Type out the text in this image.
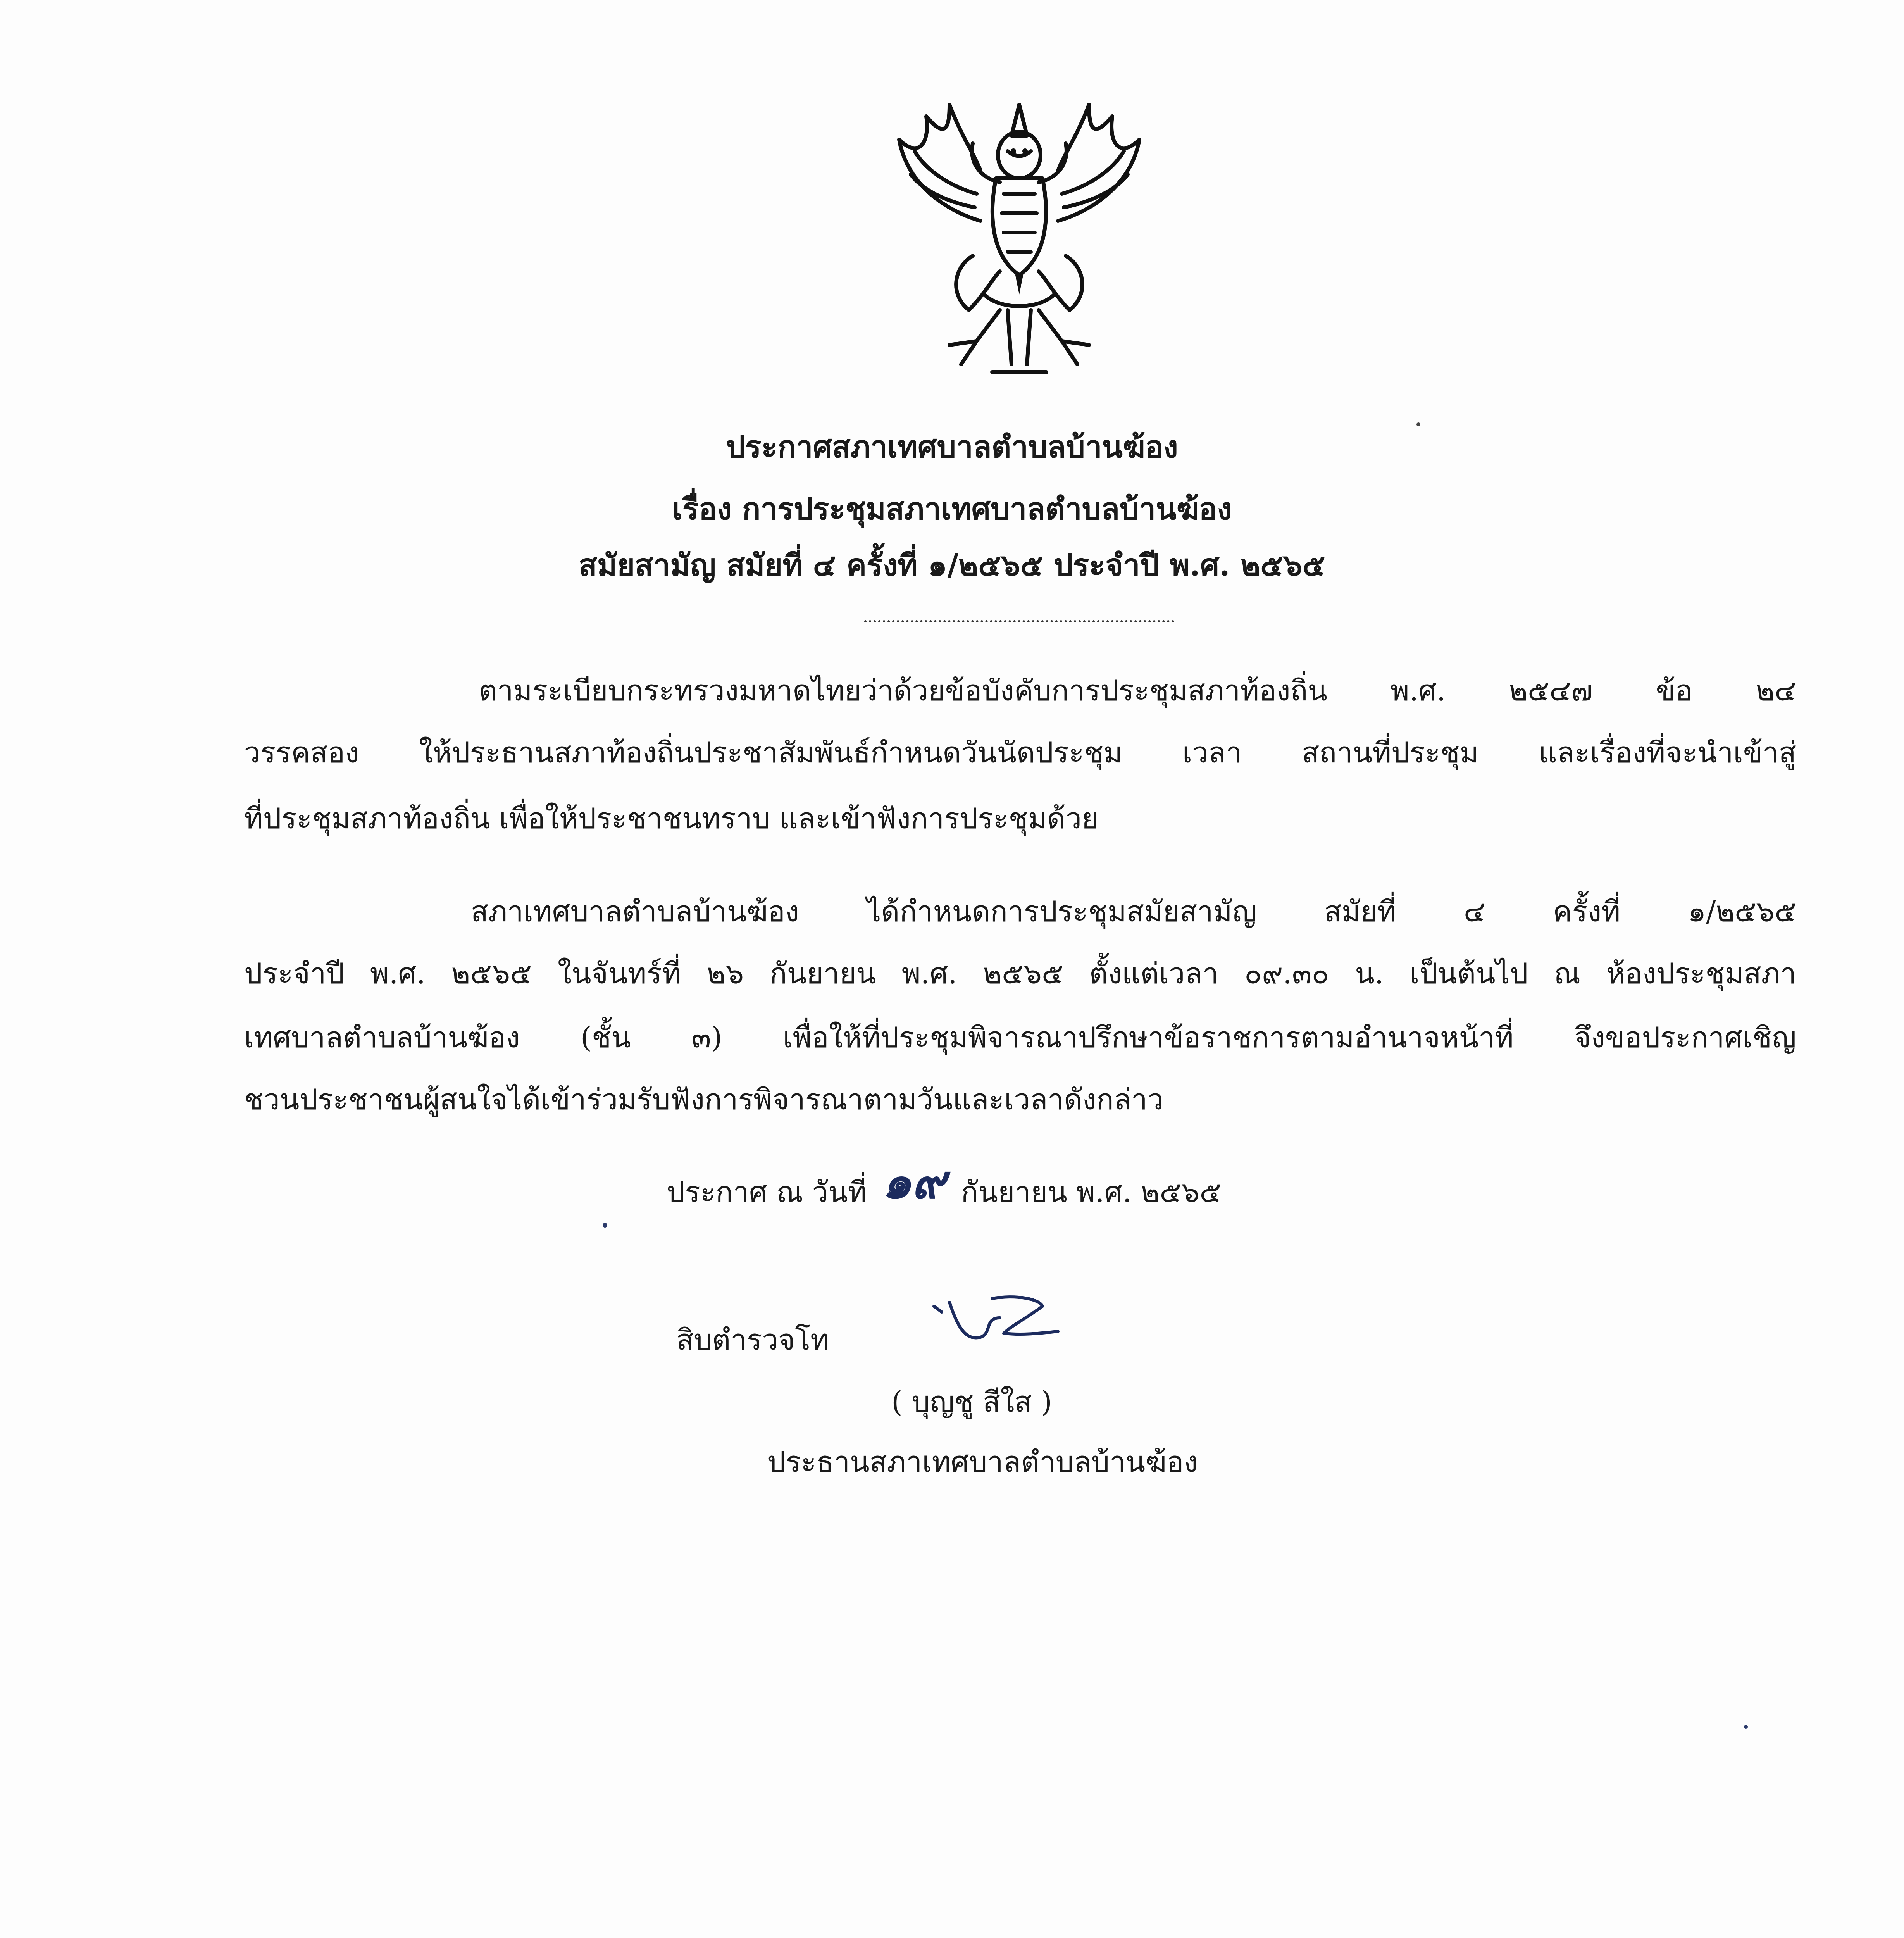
ประกาศสภาเทศบาลตำบลบ้านฆ้อง
เรื่อง การประชุมสภาเทศบาลตำบลบ้านฆ้อง
สมัยสามัญ สมัยที่ ๔ ครั้งที่ ๑/๒๕๖๕ ประจำปี พ.ศ. ๒๕๖๕
ตามระเบียบกระทรวงมหาดไทยว่าด้วยข้อบังคับการประชุมสภาท้องถิ่น พ.ศ. ๒๕๔๗ ข้อ ๒๔
วรรคสอง ให้ประธานสภาท้องถิ่นประชาสัมพันธ์กำหนดวันนัดประชุม เวลา สถานที่ประชุม และเรื่องที่จะนำเข้าสู่
ที่ประชุมสภาท้องถิ่น เพื่อให้ประชาชนทราบ และเข้าฟังการประชุมด้วย
สภาเทศบาลตำบลบ้านฆ้อง ได้กำหนดการประชุมสมัยสามัญ สมัยที่ ๔ ครั้งที่ ๑/๒๕๖๕
ประจำปี พ.ศ. ๒๕๖๕ ในจันทร์ที่ ๒๖ กันยายน พ.ศ. ๒๕๖๕ ตั้งแต่เวลา ๐๙.๓๐ น. เป็นต้นไป ณ ห้องประชุมสภา
เทศบาลตำบลบ้านฆ้อง (ชั้น ๓) เพื่อให้ที่ประชุมพิจารณาปรึกษาข้อราชการตามอำนาจหน้าที่ จึงขอประกาศเชิญ
ชวนประชาชนผู้สนใจได้เข้าร่วมรับฟังการพิจารณาตามวันและเวลาดังกล่าว
ประกาศ ณ วันที่ ๑๙ กันยายน พ.ศ. ๒๕๖๕
สิบตำรวจโท
( บุญชู สีใส )
ประธานสภาเทศบาลตำบลบ้านฆ้อง
